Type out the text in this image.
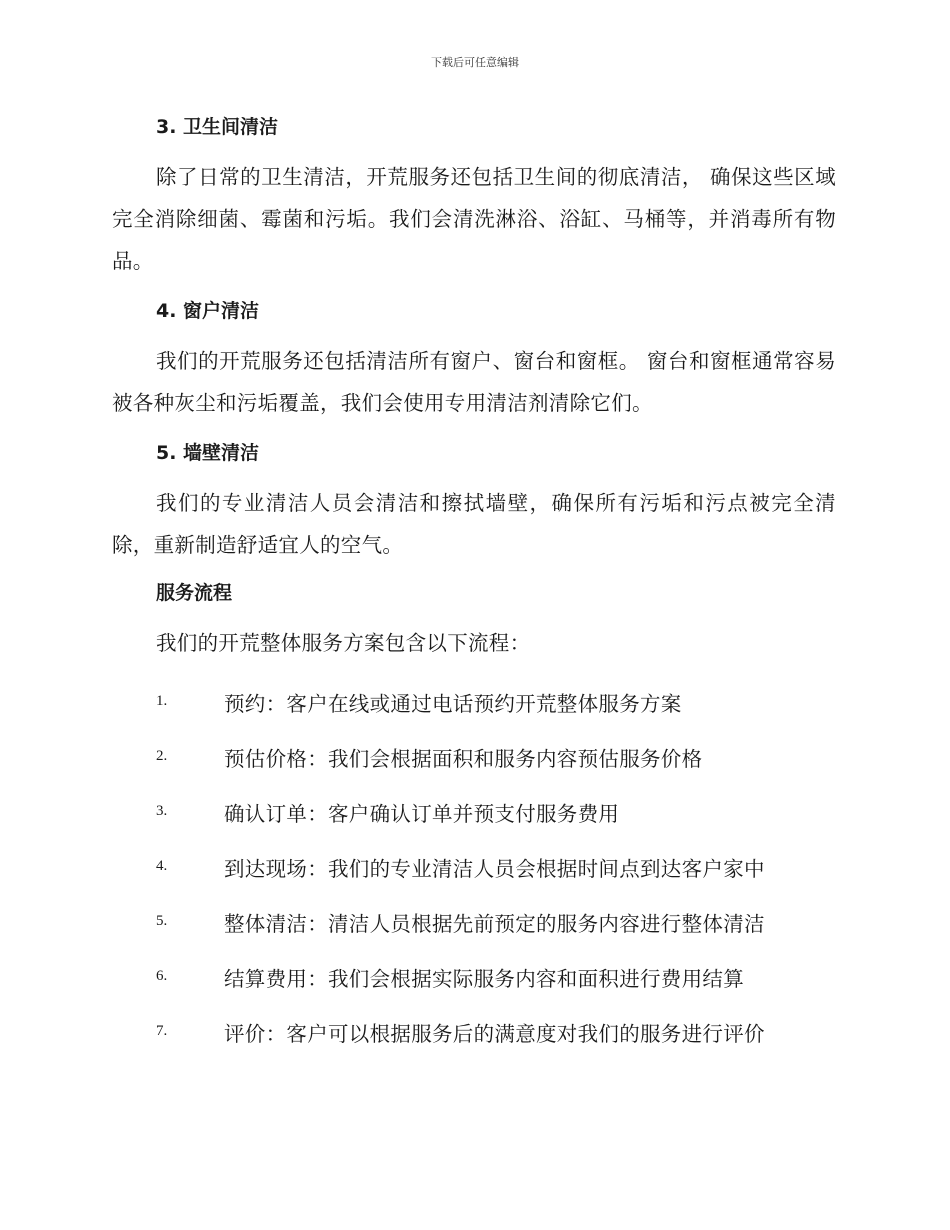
下载后可任意编辑
3. 卫生间清洁

除了日常的卫生清洁，开荒服务还包括卫生间的彻底清洁， 确保这些区域完全消除细菌、霉菌和污垢。我们会清洗淋浴、浴缸、马桶等，并消毒所有物品。

4. 窗户清洁

我们的开荒服务还包括清洁所有窗户、窗台和窗框。 窗台和窗框通常容易被各种灰尘和污垢覆盖，我们会使用专用清洁剂清除它们。

5. 墙壁清洁

我们的专业清洁人员会清洁和擦拭墙壁，确保所有污垢和污点被完全清除，重新制造舒适宜人的空气。

服务流程

我们的开荒整体服务方案包含以下流程：

1.	预约：客户在线或通过电话预约开荒整体服务方案
2.	预估价格：我们会根据面积和服务内容预估服务价格
3.	确认订单：客户确认订单并预支付服务费用
4.	到达现场：我们的专业清洁人员会根据时间点到达客户家中
5.	整体清洁：清洁人员根据先前预定的服务内容进行整体清洁
6.	结算费用：我们会根据实际服务内容和面积进行费用结算
7.	评价：客户可以根据服务后的满意度对我们的服务进行评价
